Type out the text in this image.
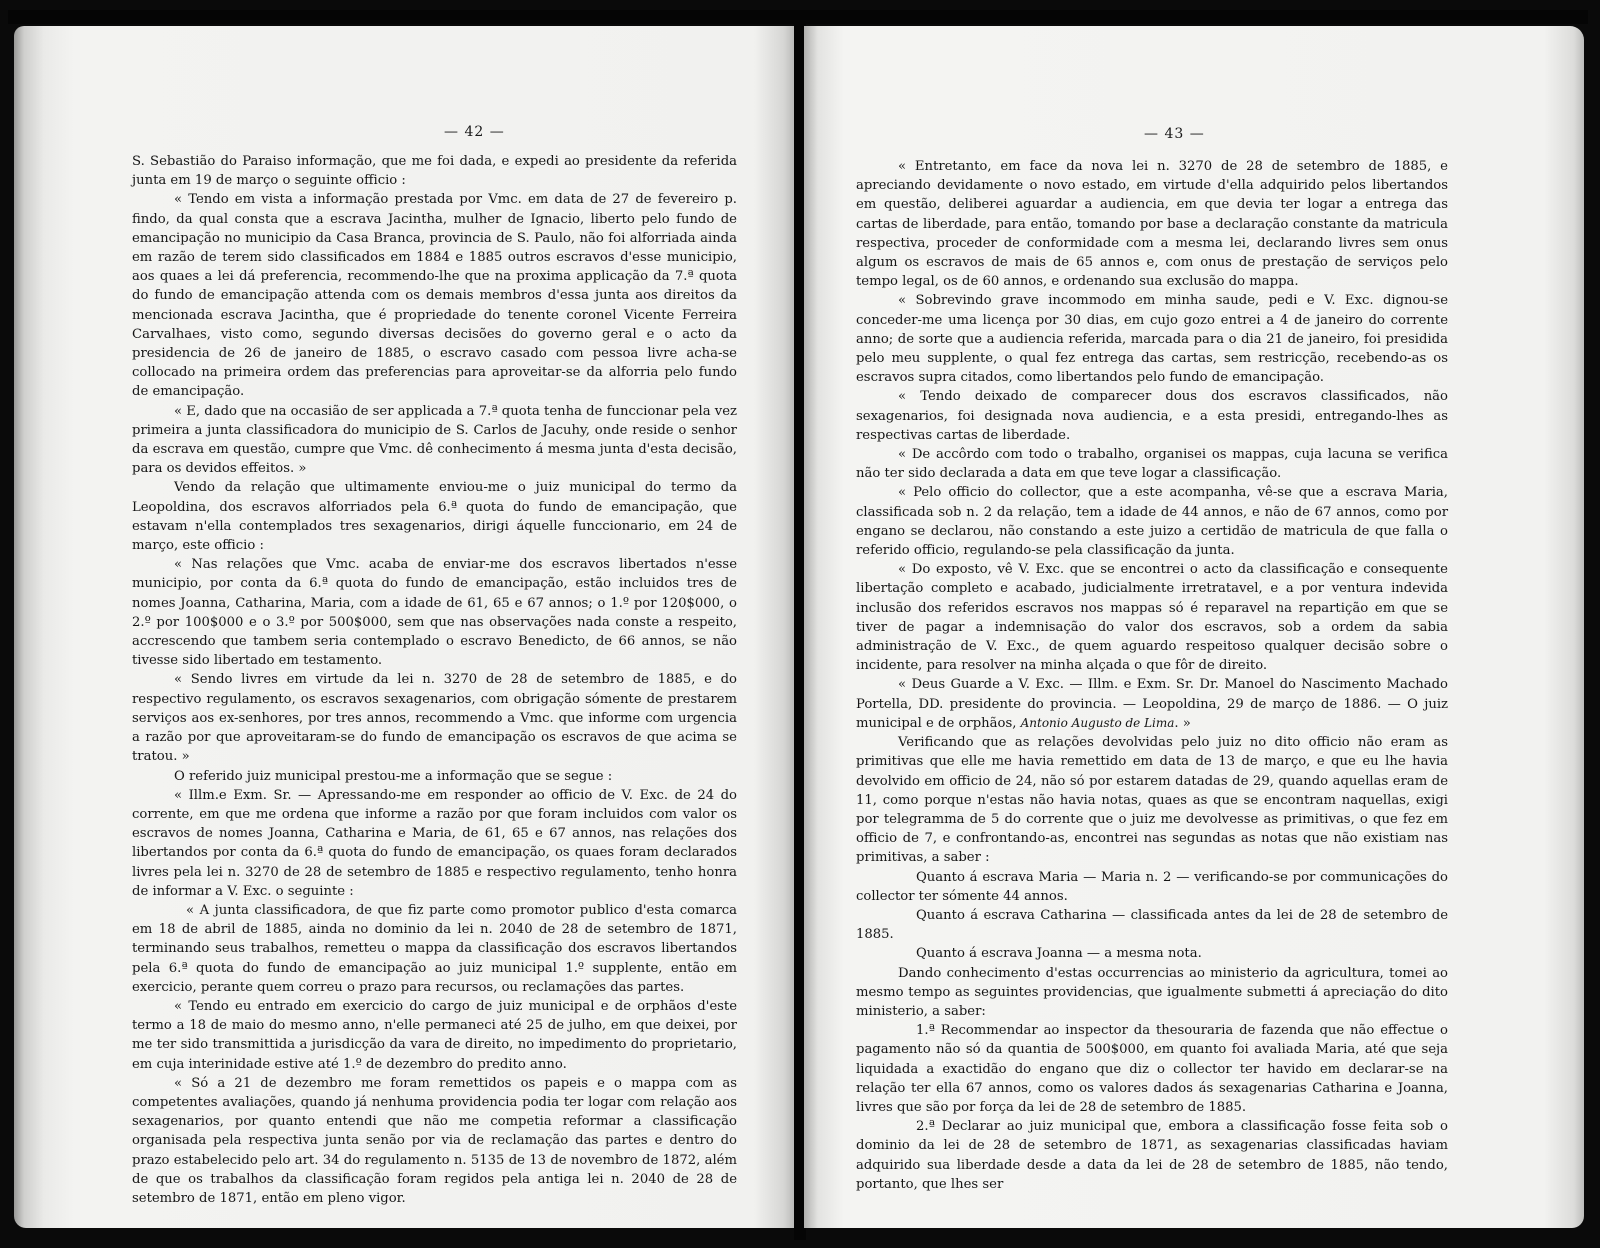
— 42 —

S. Sebastião do Paraiso informação, que me foi dada, e expedi ao presidente da referida junta em 19 de março o seguinte officio :

« Tendo em vista a informação prestada por Vmc. em data de 27 de fevereiro p. findo, da qual consta que a escrava Jacintha, mulher de Ignacio, liberto pelo fundo de emancipação no municipio da Casa Branca, provincia de S. Paulo, não foi alforriada ainda em razão de terem sido classificados em 1884 e 1885 outros escravos d'esse municipio, aos quaes a lei dá preferencia, recommendo-lhe que na proxima applicação da 7.ª quota do fundo de emancipação attenda com os demais membros d'essa junta aos direitos da mencionada escrava Jacintha, que é propriedade do tenente coronel Vicente Ferreira Carvalhaes, visto como, segundo diversas decisões do governo geral e o acto da presidencia de 26 de janeiro de 1885, o escravo casado com pessoa livre acha-se collocado na primeira ordem das preferencias para aproveitar-se da alforria pelo fundo de emancipação.

« E, dado que na occasião de ser applicada a 7.ª quota tenha de funccionar pela vez primeira a junta classificadora do municipio de S. Carlos de Jacuhy, onde reside o senhor da escrava em questão, cumpre que Vmc. dê conhecimento á mesma junta d'esta decisão, para os devidos effeitos. »

Vendo da relação que ultimamente enviou-me o juiz municipal do termo da Leopoldina, dos escravos alforriados pela 6.ª quota do fundo de emancipação, que estavam n'ella contemplados tres sexagenarios, dirigi áquelle funccionario, em 24 de março, este officio :

« Nas relações que Vmc. acaba de enviar-me dos escravos libertados n'esse municipio, por conta da 6.ª quota do fundo de emancipação, estão incluidos tres de nomes Joanna, Catharina, Maria, com a idade de 61, 65 e 67 annos; o 1.º por 120$000, o 2.º por 100$000 e o 3.º por 500$000, sem que nas observações nada conste a respeito, accrescendo que tambem seria contemplado o escravo Benedicto, de 66 annos, se não tivesse sido libertado em testamento.

« Sendo livres em virtude da lei n. 3270 de 28 de setembro de 1885, e do respectivo regulamento, os escravos sexagenarios, com obrigação sómente de prestarem serviços aos ex-senhores, por tres annos, recommendo a Vmc. que informe com urgencia a razão por que aproveitaram-se do fundo de emancipação os escravos de que acima se tratou. »

O referido juiz municipal prestou-me a informação que se segue :

« Illm.e Exm. Sr. — Apressando-me em responder ao officio de V. Exc. de 24 do corrente, em que me ordena que informe a razão por que foram incluidos com valor os escravos de nomes Joanna, Catharina e Maria, de 61, 65 e 67 annos, nas relações dos libertandos por conta da 6.ª quota do fundo de emancipação, os quaes foram declarados livres pela lei n. 3270 de 28 de setembro de 1885 e respectivo regulamento, tenho honra de informar a V. Exc. o seguinte :

« A junta classificadora, de que fiz parte como promotor publico d'esta comarca em 18 de abril de 1885, ainda no dominio da lei n. 2040 de 28 de setembro de 1871, terminando seus trabalhos, remetteu o mappa da classificação dos escravos libertandos pela 6.ª quota do fundo de emancipação ao juiz municipal 1.º supplente, então em exercicio, perante quem correu o prazo para recursos, ou reclamações das partes.

« Tendo eu entrado em exercicio do cargo de juiz municipal e de orphãos d'este termo a 18 de maio do mesmo anno, n'elle permaneci até 25 de julho, em que deixei, por me ter sido transmittida a jurisdicção da vara de direito, no impedimento do proprietario, em cuja interinidade estive até 1.º de dezembro do predito anno.

« Só a 21 de dezembro me foram remettidos os papeis e o mappa com as competentes avaliações, quando já nenhuma providencia podia ter logar com relação aos sexagenarios, por quanto entendi que não me competia reformar a classificação organisada pela respectiva junta senão por via de reclamação das partes e dentro do prazo estabelecido pelo art. 34 do regulamento n. 5135 de 13 de novembro de 1872, além de que os trabalhos da classificação foram regidos pela antiga lei n. 2040 de 28 de setembro de 1871, então em pleno vigor.

— 43 —

« Entretanto, em face da nova lei n. 3270 de 28 de setembro de 1885, e apreciando devidamente o novo estado, em virtude d'ella adquirido pelos libertandos em questão, deliberei aguardar a audiencia, em que devia ter logar a entrega das cartas de liberdade, para então, tomando por base a declaração constante da matricula respectiva, proceder de conformidade com a mesma lei, declarando livres sem onus algum os escravos de mais de 65 annos e, com onus de prestação de serviços pelo tempo legal, os de 60 annos, e ordenando sua exclusão do mappa.

« Sobrevindo grave incommodo em minha saude, pedi e V. Exc. dignou-se conceder-me uma licença por 30 dias, em cujo gozo entrei a 4 de janeiro do corrente anno; de sorte que a audiencia referida, marcada para o dia 21 de janeiro, foi presidida pelo meu supplente, o qual fez entrega das cartas, sem restricção, recebendo-as os escravos supra citados, como libertandos pelo fundo de emancipação.

« Tendo deixado de comparecer dous dos escravos classificados, não sexagenarios, foi designada nova audiencia, e a esta presidi, entregando-lhes as respectivas cartas de liberdade.

« De accôrdo com todo o trabalho, organisei os mappas, cuja lacuna se verifica não ter sido declarada a data em que teve logar a classificação.

« Pelo officio do collector, que a este acompanha, vê-se que a escrava Maria, classificada sob n. 2 da relação, tem a idade de 44 annos, e não de 67 annos, como por engano se declarou, não constando a este juizo a certidão de matricula de que falla o referido officio, regulando-se pela classificação da junta.

« Do exposto, vê V. Exc. que se encontrei o acto da classificação e consequente libertação completo e acabado, judicialmente irretratavel, e a por ventura indevida inclusão dos referidos escravos nos mappas só é reparavel na repartição em que se tiver de pagar a indemnisação do valor dos escravos, sob a ordem da sabia administração de V. Exc., de quem aguardo respeitoso qualquer decisão sobre o incidente, para resolver na minha alçada o que fôr de direito.

« Deus Guarde a V. Exc. — Illm. e Exm. Sr. Dr. Manoel do Nascimento Machado Portella, DD. presidente do provincia. — Leopoldina, 29 de março de 1886. — O juiz municipal e de orphãos, Antonio Augusto de Lima. »

Verificando que as relações devolvidas pelo juiz no dito officio não eram as primitivas que elle me havia remettido em data de 13 de março, e que eu lhe havia devolvido em officio de 24, não só por estarem datadas de 29, quando aquellas eram de 11, como porque n'estas não havia notas, quaes as que se encontram naquellas, exigi por telegramma de 5 do corrente que o juiz me devolvesse as primitivas, o que fez em officio de 7, e confrontando-as, encontrei nas segundas as notas que não existiam nas primitivas, a saber :

Quanto á escrava Maria — Maria n. 2 — verificando-se por communicações do collector ter sómente 44 annos.

Quanto á escrava Catharina — classificada antes da lei de 28 de setembro de 1885.

Quanto á escrava Joanna — a mesma nota.

Dando conhecimento d'estas occurrencias ao ministerio da agricultura, tomei ao mesmo tempo as seguintes providencias, que igualmente submetti á apreciação do dito ministerio, a saber:

1.ª Recommendar ao inspector da thesouraria de fazenda que não effectue o pagamento não só da quantia de 500$000, em quanto foi avaliada Maria, até que seja liquidada a exactidão do engano que diz o collector ter havido em declarar-se na relação ter ella 67 annos, como os valores dados ás sexagenarias Catharina e Joanna, livres que são por força da lei de 28 de setembro de 1885.

2.ª Declarar ao juiz municipal que, embora a classificação fosse feita sob o dominio da lei de 28 de setembro de 1871, as sexagenarias classificadas haviam adquirido sua liberdade desde a data da lei de 28 de setembro de 1885, não tendo, portanto, que lhes ser
